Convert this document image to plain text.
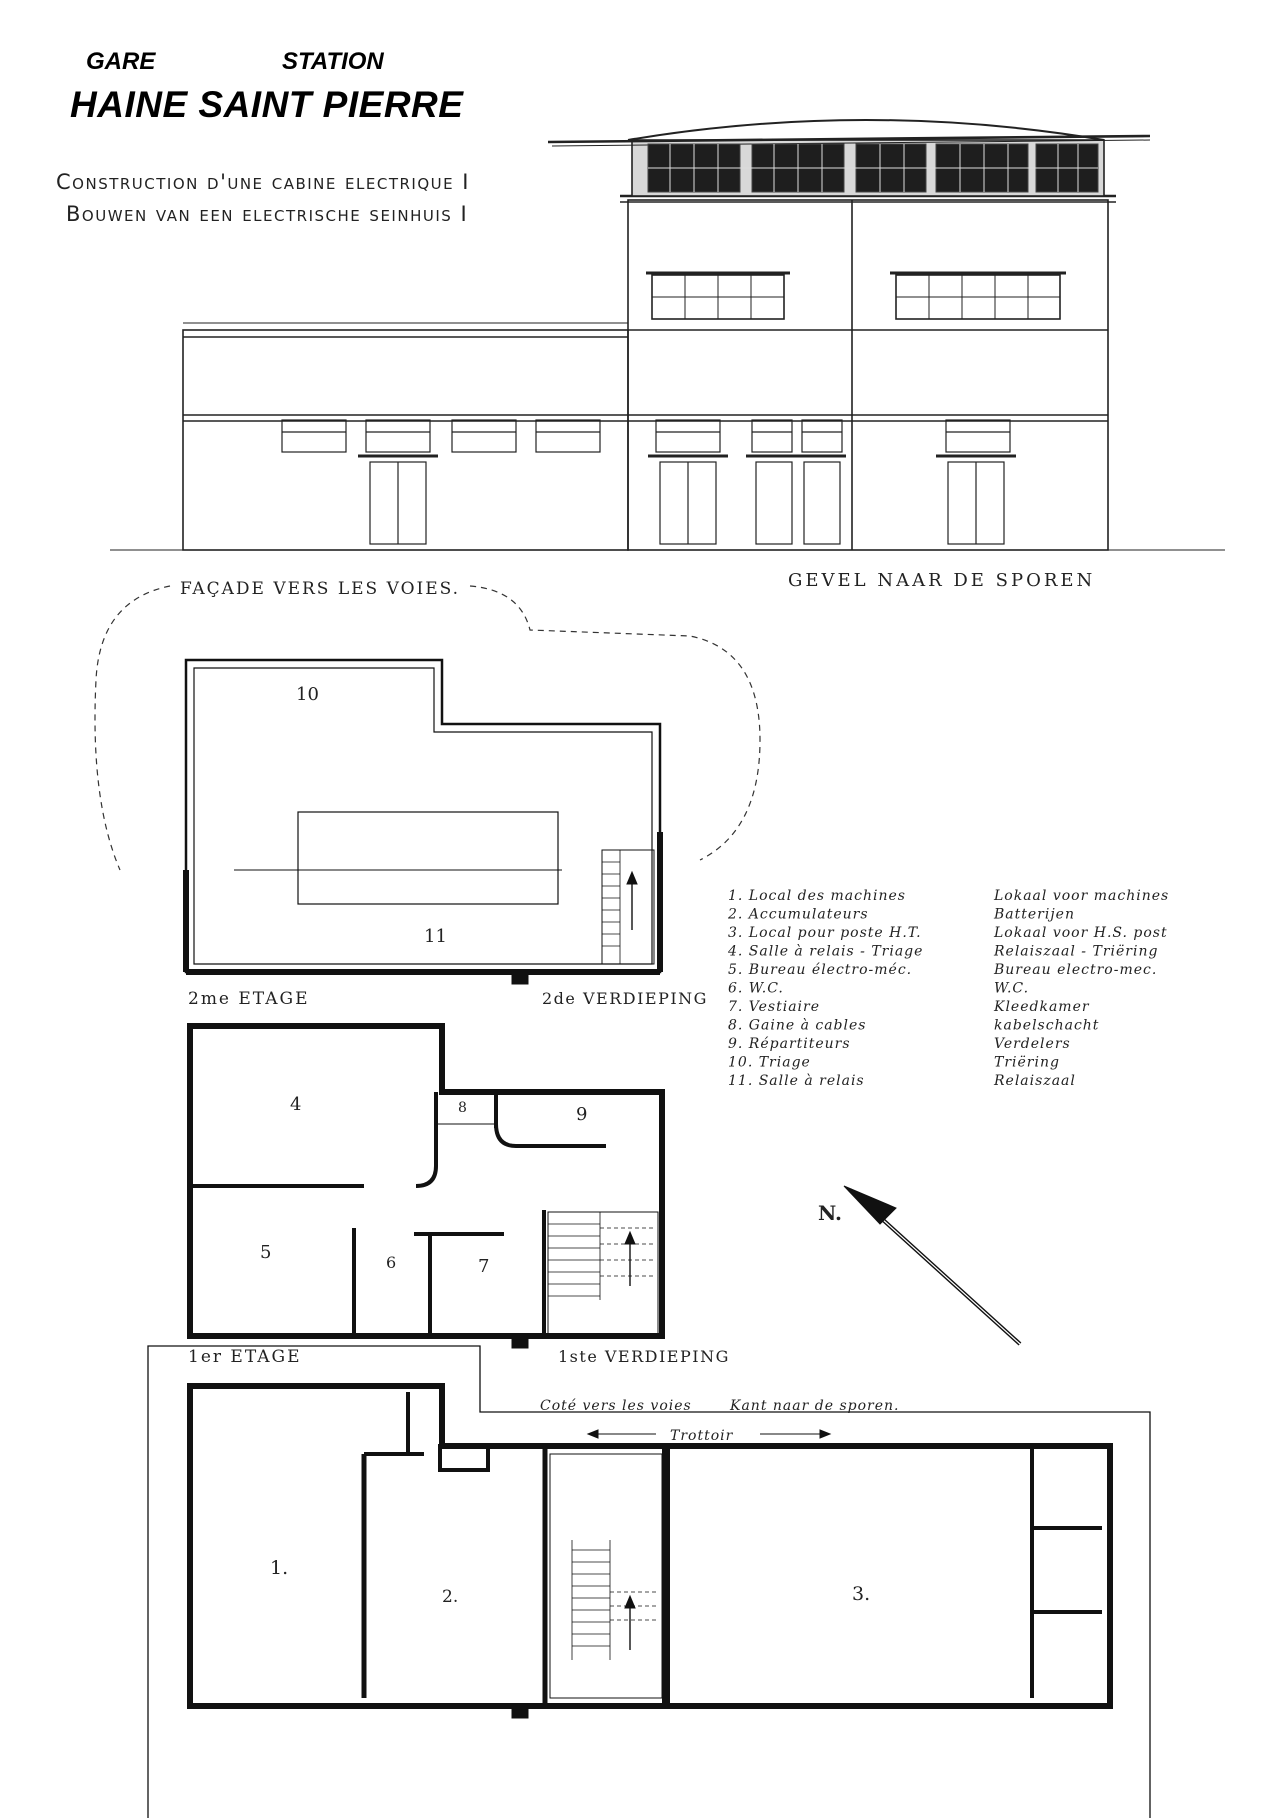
GARE	STATION
HAINE SAINT PIERRE
Construction d'une cabine electrique I
Bouwen van een electrische seinhuis I
FAÇADE VERS LES VOIES.	GEVEL NAAR DE SPOREN
10
11
2me ETAGE	2de VERDIEPING
4
5	6	7
8	9
1er ETAGE	1ste VERDIEPING
1.
2.	3.
Coté vers les voies	Kant naar de sporen.
Trottoir
N.
1. Local des machines	Lokaal voor machines
2. Accumulateurs	Batterijen
3. Local pour poste H.T.	Lokaal voor H.S. post
4. Salle à relais - Triage	Relaiszaal - Triëring
5. Bureau électro-méc.	Bureau electro-mec.
6. W.C.	W.C.
7. Vestiaire	Kleedkamer
8. Gaine à cables	kabelschacht
9. Répartiteurs	Verdelers
10. Triage	Triëring
11. Salle à relais	Relaiszaal
